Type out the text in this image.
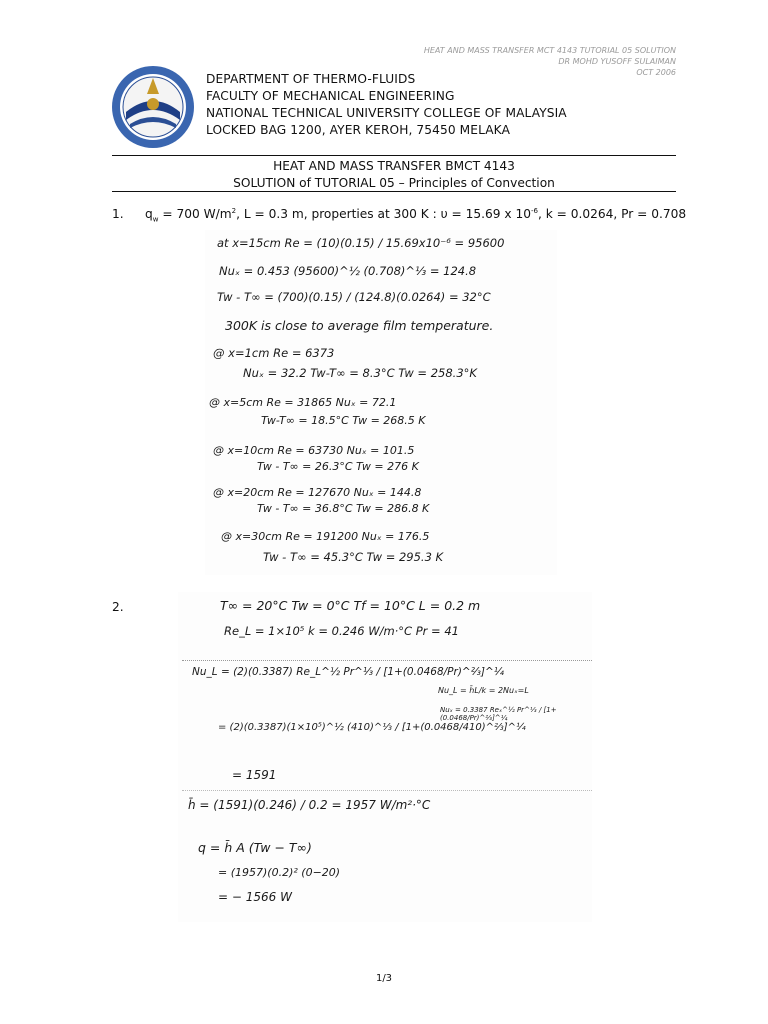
HEAT AND MASS TRANSFER MCT 4143 TUTORIAL 05 SOLUTION
DR MOHD YUSOFF SULAIMAN
OCT 2006
DEPARTMENT OF THERMO-FLUIDS
FACULTY OF MECHANICAL ENGINEERING
NATIONAL TECHNICAL UNIVERSITY COLLEGE OF MALAYSIA
LOCKED BAG 1200, AYER KEROH, 75450 MELAKA
HEAT AND MASS TRANSFER BMCT 4143
SOLUTION of TUTORIAL 05 – Principles of Convection
1. $q_w = 700$ $W/m^2$, L = 0.3 m, properties at 300 K : υ = 15.69 x $10^{-6}$, k = 0.0264, Pr = 0.708
at x=15cm Re = (10)(0.15) / 15.69x10⁻⁶ = 95600
Nuₓ = 0.453 (95600)^½ (0.708)^⅓ = 124.8
Tw - T∞ = (700)(0.15) / (124.8)(0.0264) = 32°C
300K is close to average film temperature.
@ x=1cm Re = 6373
Nuₓ = 32.2 Tw-T∞ = 8.3°C Tw = 258.3°K
@ x=5cm Re = 31865 Nuₓ = 72.1
Tw-T∞ = 18.5°C Tw = 268.5 K
@ x=10cm Re = 63730 Nuₓ = 101.5
Tw - T∞ = 26.3°C Tw = 276 K
@ x=20cm Re = 127670 Nuₓ = 144.8
Tw - T∞ = 36.8°C Tw = 286.8 K
@ x=30cm Re = 191200 Nuₓ = 176.5
Tw - T∞ = 45.3°C Tw = 295.3 K
2.	T∞ = 20°C Tw = 0°C Tf = 10°C L = 0.2 m
Re_L = 1×10⁵ k = 0.246 W/m·°C Pr = 41
Nu_L = (2)(0.3387) Re_L^½ Pr^⅓ / [1+(0.0468/Pr)^⅔]^¼
Nu_L = h̄L/k = 2Nuₓ=L
= (2)(0.3387)(1×10⁵)^½ (410)^⅓ / [1+(0.0468/410)^⅔]^¼
Nuₓ = 0.3387 Reₓ^½ Pr^⅓ / [1+(0.0468/Pr)^⅔]^¼
= 1591
h̄ = (1591)(0.246) / 0.2 = 1957 W/m²·°C
q = h̄ A (Tw − T∞)
= (1957)(0.2)² (0−20)
= − 1566 W
1/3
